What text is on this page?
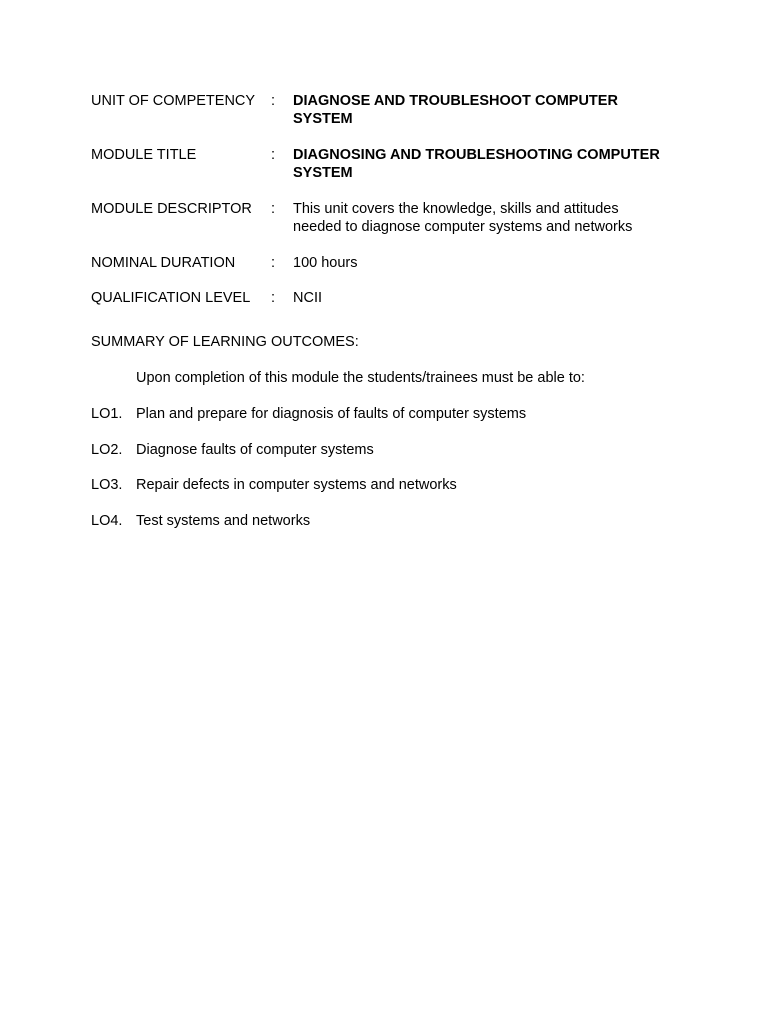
UNIT OF COMPETENCY	: DIAGNOSE AND TROUBLESHOOT COMPUTER
SYSTEM
MODULE TITLE	: DIAGNOSING AND TROUBLESHOOTING COMPUTER
SYSTEM
MODULE DESCRIPTOR	: This unit covers the knowledge, skills and attitudes
needed to diagnose computer systems and networks
NOMINAL DURATION	: 100 hours
QUALIFICATION LEVEL	: NCII
SUMMARY OF LEARNING OUTCOMES:
Upon completion of this module the students/trainees must be able to:
LO1. Plan and prepare for diagnosis of faults of computer systems
LO2. Diagnose faults of computer systems
LO3. Repair defects in computer systems and networks
LO4. Test systems and networks
